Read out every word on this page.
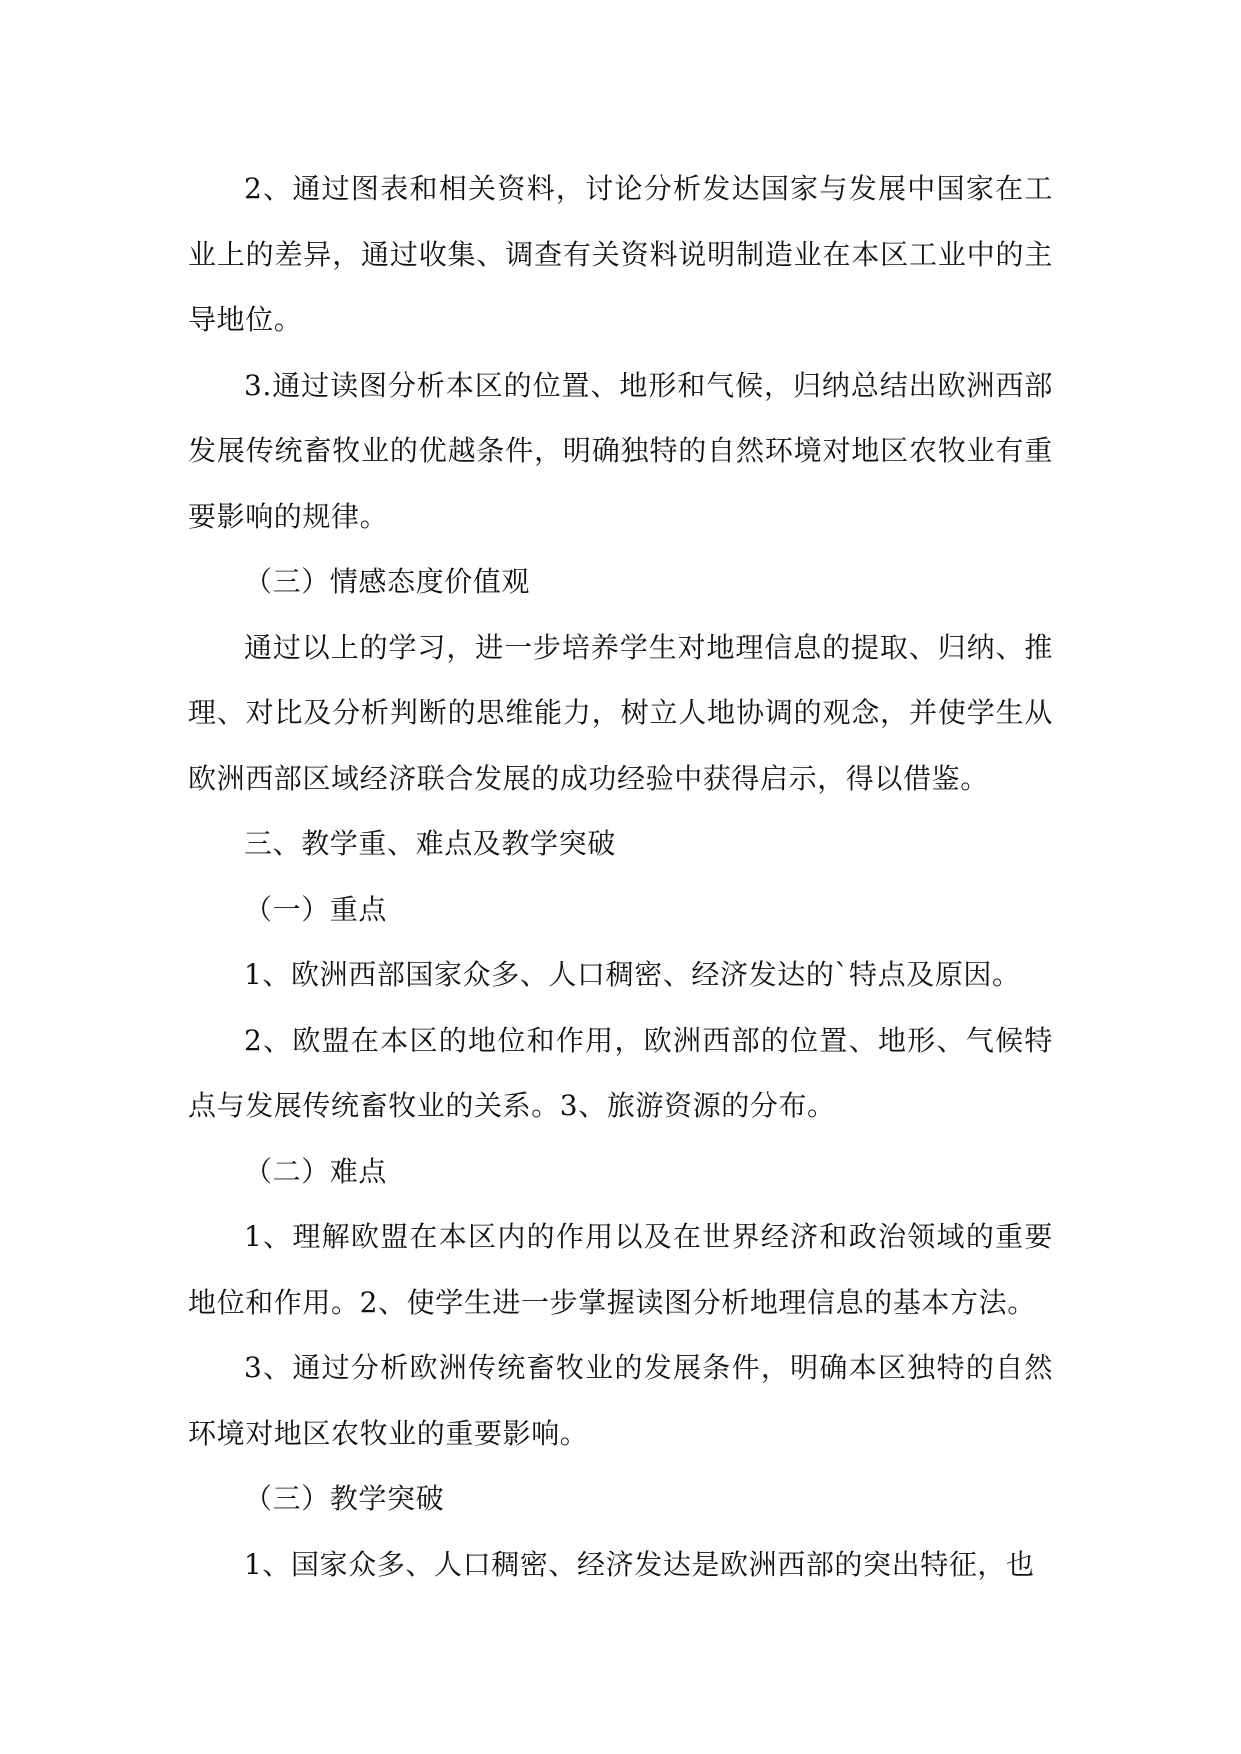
2、通过图表和相关资料，讨论分析发达国家与发展中国家在工业上的差异，通过收集、调查有关资料说明制造业在本区工业中的主导地位。

3.通过读图分析本区的位置、地形和气候，归纳总结出欧洲西部发展传统畜牧业的优越条件，明确独特的自然环境对地区农牧业有重要影响的规律。

（三）情感态度价值观

通过以上的学习，进一步培养学生对地理信息的提取、归纳、推理、对比及分析判断的思维能力，树立人地协调的观念，并使学生从欧洲西部区域经济联合发展的成功经验中获得启示，得以借鉴。

三、教学重、难点及教学突破

（一）重点

1、欧洲西部国家众多、人口稠密、经济发达的`特点及原因。

2、欧盟在本区的地位和作用，欧洲西部的位置、地形、气候特点与发展传统畜牧业的关系。3、旅游资源的分布。

（二）难点

1、理解欧盟在本区内的作用以及在世界经济和政治领域的重要地位和作用。2、使学生进一步掌握读图分析地理信息的基本方法。

3、通过分析欧洲传统畜牧业的发展条件，明确本区独特的自然环境对地区农牧业的重要影响。

（三）教学突破

1、国家众多、人口稠密、经济发达是欧洲西部的突出特征，也
